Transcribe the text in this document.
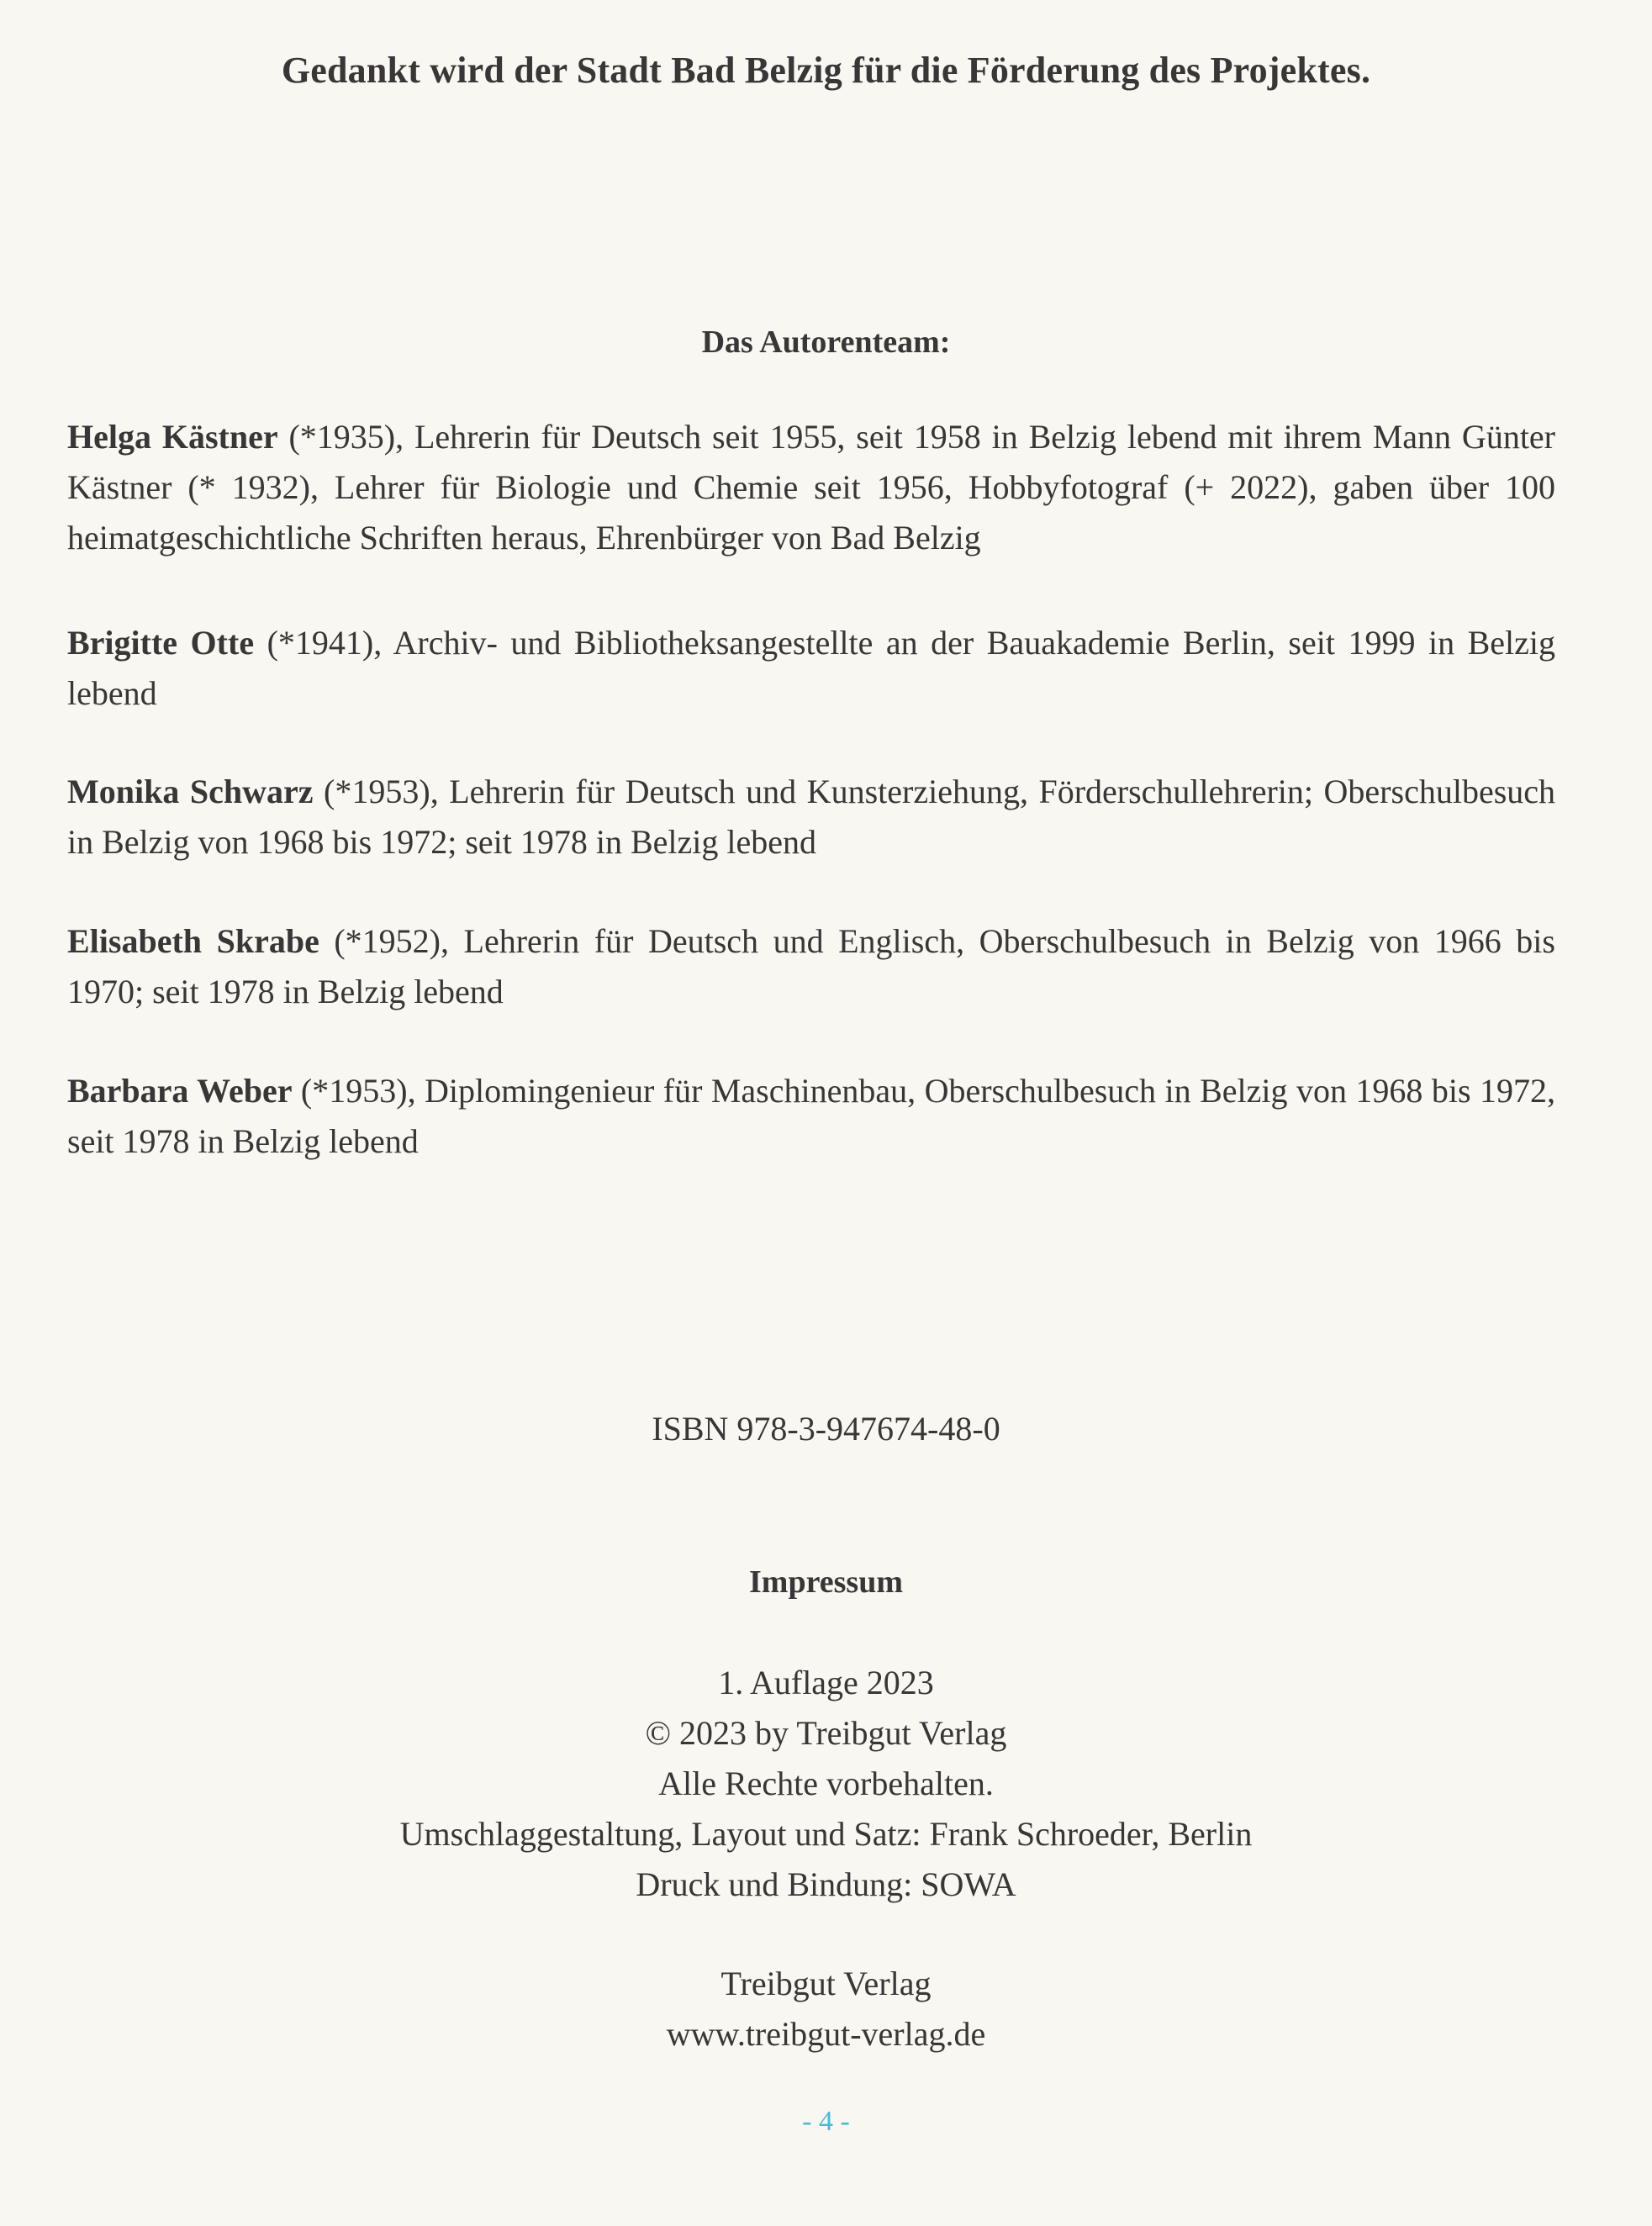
Gedankt wird der Stadt Bad Belzig für die Förderung des Projektes.
Das Autorenteam:
Helga Kästner (*1935), Lehrerin für Deutsch seit 1955, seit 1958 in Belzig lebend mit ihrem Mann Günter Kästner (* 1932), Lehrer für Biologie und Chemie seit 1956, Hobbyfotograf (+ 2022), gaben über 100 heimatgeschichtliche Schriften heraus, Ehrenbürger von Bad Belzig
Brigitte Otte (*1941), Archiv- und Bibliotheksangestellte an der Bauakademie Berlin, seit 1999 in Belzig lebend
Monika Schwarz (*1953), Lehrerin für Deutsch und Kunsterziehung, Förderschullehrerin; Oberschulbesuch in Belzig von 1968 bis 1972; seit 1978 in Belzig lebend
Elisabeth Skrabe (*1952), Lehrerin für Deutsch und Englisch, Oberschulbesuch in Belzig von 1966 bis 1970; seit 1978 in Belzig lebend
Barbara Weber (*1953), Diplomingenieur für Maschinenbau, Oberschulbesuch in Belzig von 1968 bis 1972, seit 1978 in Belzig lebend
ISBN 978-3-947674-48-0
Impressum
1. Auflage 2023
© 2023 by Treibgut Verlag
Alle Rechte vorbehalten.
Umschlaggestaltung, Layout und Satz: Frank Schroeder, Berlin
Druck und Bindung: SOWA
Treibgut Verlag
www.treibgut-verlag.de
- 4 -
